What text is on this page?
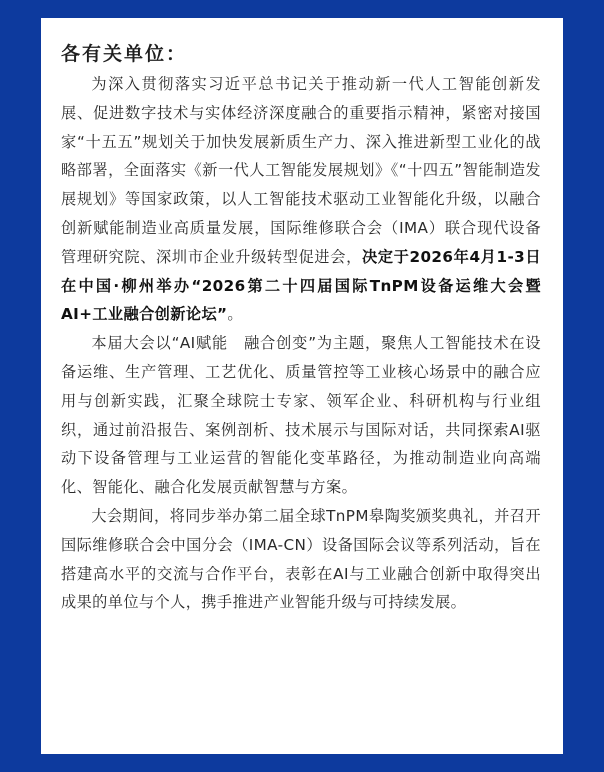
各有关单位：

为深入贯彻落实习近平总书记关于推动新一代人工智能创新发展、促进数字技术与实体经济深度融合的重要指示精神，紧密对接国家“十五五”规划关于加快发展新质生产力、深入推进新型工业化的战略部署，全面落实《新一代人工智能发展规划》《“十四五”智能制造发展规划》等国家政策，以人工智能技术驱动工业智能化升级，以融合创新赋能制造业高质量发展，国际维修联合会（IMA）联合现代设备管理研究院、深圳市企业升级转型促进会，决定于2026年4月1-3日在中国·柳州举办“2026第二十四届国际TnPM设备运维大会暨AI+工业融合创新论坛”。

本届大会以“AI赋能　融合创变”为主题，聚焦人工智能技术在设备运维、生产管理、工艺优化、质量管控等工业核心场景中的融合应用与创新实践，汇聚全球院士专家、领军企业、科研机构与行业组织，通过前沿报告、案例剖析、技术展示与国际对话，共同探索AI驱动下设备管理与工业运营的智能化变革路径，为推动制造业向高端化、智能化、融合化发展贡献智慧与方案。

大会期间，将同步举办第二届全球TnPM皋陶奖颁奖典礼，并召开国际维修联合会中国分会（IMA-CN）设备国际会议等系列活动，旨在搭建高水平的交流与合作平台，表彰在AI与工业融合创新中取得突出成果的单位与个人，携手推进产业智能升级与可持续发展。
